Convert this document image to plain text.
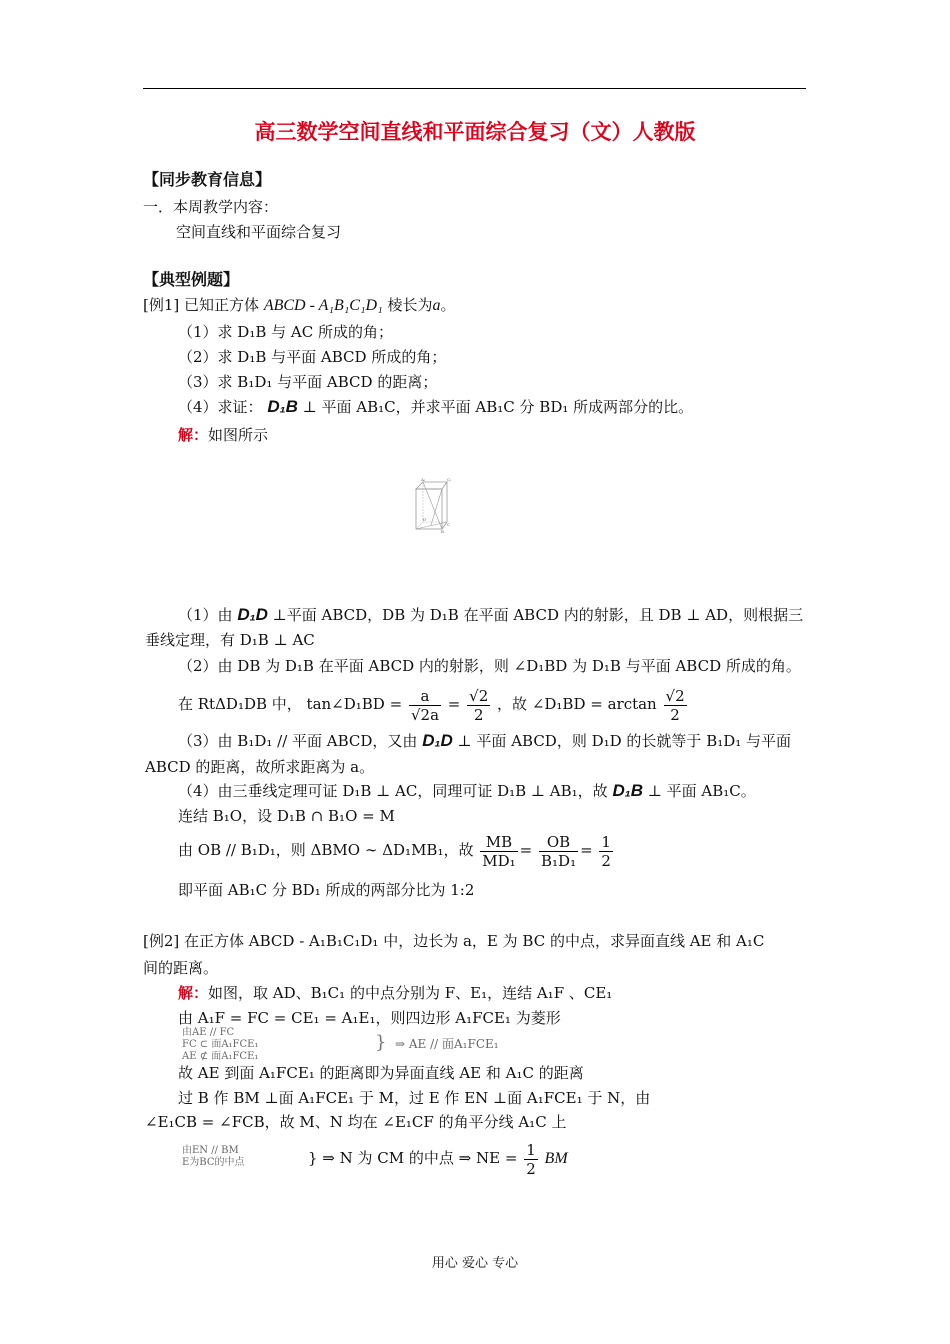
高三数学空间直线和平面综合复习（文）人教版
【同步教育信息】
一．本周教学内容：
空间直线和平面综合复习
【典型例题】
[例1] 已知正方体 ABCD - A₁B₁C₁D₁ 棱长为a。
（1）求 D₁B 与 AC 所成的角；
（2）求 D₁B 与平面 ABCD 所成的角；
（3）求 B₁D₁ 与平面 ABCD 的距离；
（4）求证： D₁B ⊥ 平面 AB₁C，并求平面 AB₁C 分 BD₁ 所成两部分的比。
解：如图所示
A₁	C₁
B
D
C
（1）由 D₁D ⊥平面 ABCD，DB 为 D₁B 在平面 ABCD 内的射影，且 DB ⊥ AD，则根据三
垂线定理，有 D₁B ⊥ AC
（2）由 DB 为 D₁B 在平面 ABCD 内的射影，则 ∠D₁BD 为 D₁B 与平面 ABCD 所成的角。
在 RtΔD₁DB 中， tan∠D₁BD = $\frac{a}{√2a} = \frac{√2}{2}$ ，故 ∠D₁BD = $\arctan \frac{√2}{2}$
（3）由 B₁D₁ // 平面 ABCD，又由 D₁D ⊥ 平面 ABCD，则 D₁D 的长就等于 B₁D₁ 与平面
ABCD 的距离，故所求距离为 a。
（4）由三垂线定理可证 D₁B ⊥ AC，同理可证 D₁B ⊥ AB₁，故 D₁B ⊥ 平面 AB₁C。
连结 B₁O，设 D₁B ∩ B₁O = M
由 OB // B₁D₁，则 ΔBMO ∼ ΔD₁MB₁，故 $\frac{MB}{\text{MD₁}} = \frac{OB}{\text{B₁D₁}} = \frac{1}{2}$
即平面 AB₁C 分 BD₁ 所成的两部分比为 1:2
[例2] 在正方体 ABCD - A₁B₁C₁D₁ 中，边长为 a，E 为 BC 的中点，求异面直线 AE 和 A₁C
间的距离。
解：如图，取 AD、B₁C₁ 的中点分别为 F、E₁，连结 A₁F 、CE₁
由 A₁F = FC = CE₁ = A₁E₁，则四边形 A₁FCE₁ 为菱形
由AE // FC
FC ⊂ 面A₁FCE₁
AE ⊄ 面A₁FCE₁
} ⇒ AE // 面A₁FCE₁
故 AE 到面 A₁FCE₁ 的距离即为异面直线 AE 和 A₁C 的距离
过 B 作 BM ⊥面 A₁FCE₁ 于 M，过 E 作 EN ⊥面 A₁FCE₁ 于 N，由
∠E₁CB = ∠FCB，故 M、N 均在 ∠E₁CF 的角平分线 A₁C 上
由EN // BM
E为BC的中点	} ⇒ N 为 CM 的中点 ⇒ NE = $\frac{1}{2}$ BM
用心 爱心 专心
